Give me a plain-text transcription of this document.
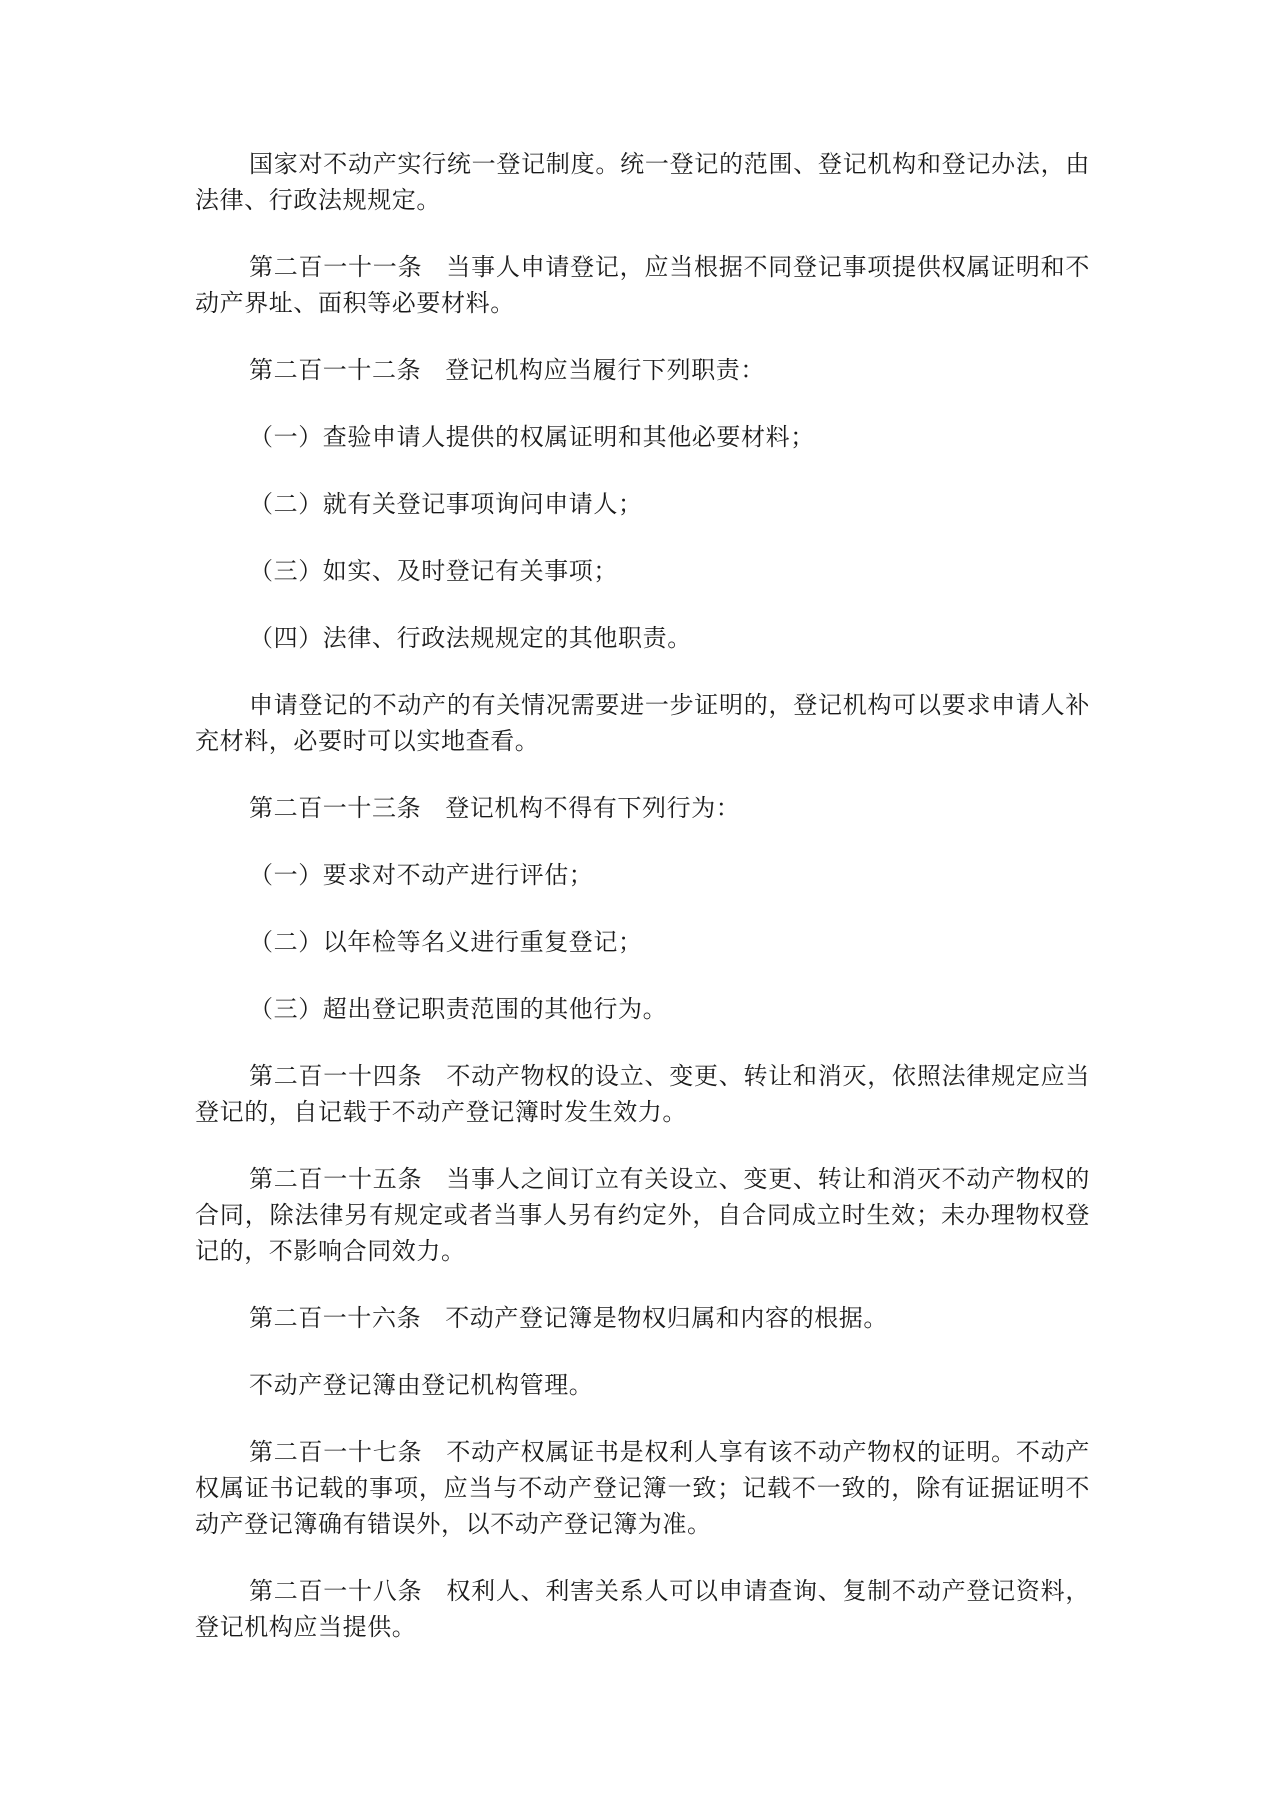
国家对不动产实行统一登记制度。统一登记的范围、登记机构和登记办法，由法律、行政法规规定。

第二百一十一条 当事人申请登记，应当根据不同登记事项提供权属证明和不动产界址、面积等必要材料。

第二百一十二条 登记机构应当履行下列职责：

（一）查验申请人提供的权属证明和其他必要材料；

（二）就有关登记事项询问申请人；

（三）如实、及时登记有关事项；

（四）法律、行政法规规定的其他职责。

申请登记的不动产的有关情况需要进一步证明的，登记机构可以要求申请人补充材料，必要时可以实地查看。

第二百一十三条 登记机构不得有下列行为：

（一）要求对不动产进行评估；

（二）以年检等名义进行重复登记；

（三）超出登记职责范围的其他行为。

第二百一十四条 不动产物权的设立、变更、转让和消灭，依照法律规定应当登记的，自记载于不动产登记簿时发生效力。

第二百一十五条 当事人之间订立有关设立、变更、转让和消灭不动产物权的合同，除法律另有规定或者当事人另有约定外，自合同成立时生效；未办理物权登记的，不影响合同效力。

第二百一十六条 不动产登记簿是物权归属和内容的根据。

不动产登记簿由登记机构管理。

第二百一十七条 不动产权属证书是权利人享有该不动产物权的证明。不动产权属证书记载的事项，应当与不动产登记簿一致；记载不一致的，除有证据证明不动产登记簿确有错误外，以不动产登记簿为准。

第二百一十八条 权利人、利害关系人可以申请查询、复制不动产登记资料，登记机构应当提供。
